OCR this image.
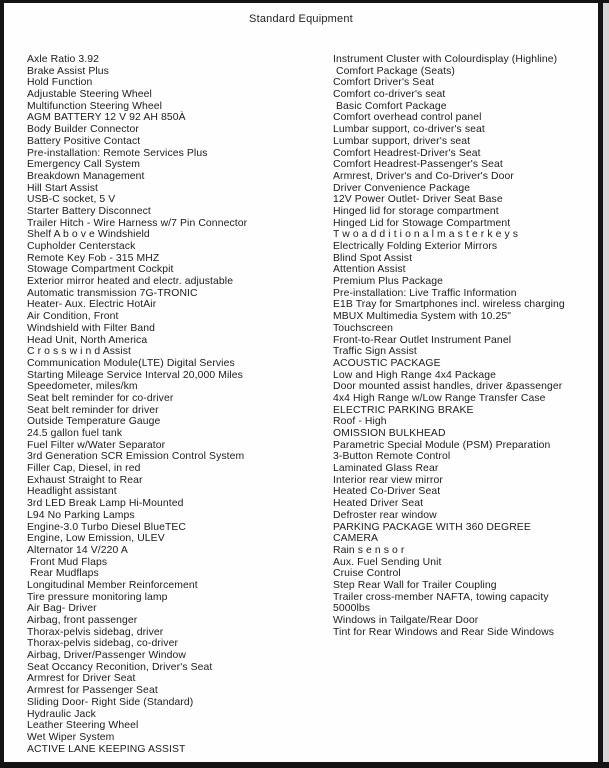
Standard Equipment
Axle Ratio 3.92
Brake Assist Plus
Hold Function
Adjustable Steering Wheel
Multifunction Steering Wheel
AGM BATTERY 12 V 92 AH 850À
Body Builder Connector
Battery Positive Contact
Pre-installation: Remote Services Plus
Emergency Call System
Breakdown Management
Hill Start Assist
USB-C socket, 5 V
Starter Battery Disconnect
Trailer Hitch - Wire Harness w/7 Pin Connector
Shelf A b o v e Windshield
Cupholder Centerstack
Remote Key Fob - 315 MHZ
Stowage Compartment Cockpit
Exterior mirror heated and electr. adjustable
Automatic transmission 7G-TRONIC
Heater- Aux. Electric HotAir
Air Condition, Front
Windshield with Filter Band
Head Unit, North America
C r o s s w i n d Assist
Communication Module(LTE) Digital Servies
Starting Mileage Service Interval 20,000 Miles
Speedometer, miles/km
Seat belt reminder for co-driver
Seat belt reminder for driver
Outside Temperature Gauge
24.5 gallon fuel tank
Fuel Filter w/Water Separator
3rd Generation SCR Emission Control System
Filler Cap, Diesel, in red
Exhaust Straight to Rear
Headlight assistant
3rd LED Break Lamp Hi-Mounted
L94 No Parking Lamps
Engine-3.0 Turbo Diesel BlueTEC
Engine, Low Emission, ULEV
Alternator 14 V/220 A
Front Mud Flaps
Rear Mudflaps
Longitudinal Member Reinforcement
Tire pressure monitoring lamp
Air Bag- Driver
Airbag, front passenger
Thorax-pelvis sidebag, driver
Thorax-pelvis sidebag, co-driver
Airbag, Driver/Passenger Window
Seat Occancy Reconition, Driver's Seat
Armrest for Driver Seat
Armrest for Passenger Seat
Sliding Door- Right Side (Standard)
Hydraulic Jack
Leather Steering Wheel
Wet Wiper System
ACTIVE LANE KEEPING ASSIST
Instrument Cluster with Colourdisplay (Highline)
Comfort Package (Seats)
Comfort Driver's Seat
Comfort co-driver's seat
Basic Comfort Package
Comfort overhead control panel
Lumbar support, co-driver's seat
Lumbar support, driver's seat
Comfort Headrest-Driver's Seat
Comfort Headrest-Passenger's Seat
Armrest, Driver's and Co-Driver's Door
Driver Convenience Package
12V Power Outlet- Driver Seat Base
Hinged lid for storage compartment
Hinged Lid for Stowage Compartment
T w o a d d i t i o n a l m a s t e r k e y s
Electrically Folding Exterior Mirrors
Blind Spot Assist
Attention Assist
Premium Plus Package
Pre-installation: Live Traffic Information
E1B Tray for Smartphones incl. wireless charging
MBUX Multimedia System with 10.25"
Touchscreen
Front-to-Rear Outlet Instrument Panel
Traffic Sign Assist
ACOUSTIC PACKAGE
Low and High Range 4x4 Package
Door mounted assist handles, driver &passenger
4x4 High Range w/Low Range Transfer Case
ELECTRIC PARKING BRAKE
Roof - High
OMISSION BULKHEAD
Parametric Special Module (PSM) Preparation
3-Button Remote Control
Laminated Glass Rear
Interior rear view mirror
Heated Co-Driver Seat
Heated Driver Seat
Defroster rear window
PARKING PACKAGE WITH 360 DEGREE
CAMERA
Rain s e n s o r
Aux. Fuel Sending Unit
Cruise Control
Step Rear Wall for Trailer Coupling
Trailer cross-member NAFTA, towing capacity
5000lbs
Windows in Tailgate/Rear Door
Tint for Rear Windows and Rear Side Windows
